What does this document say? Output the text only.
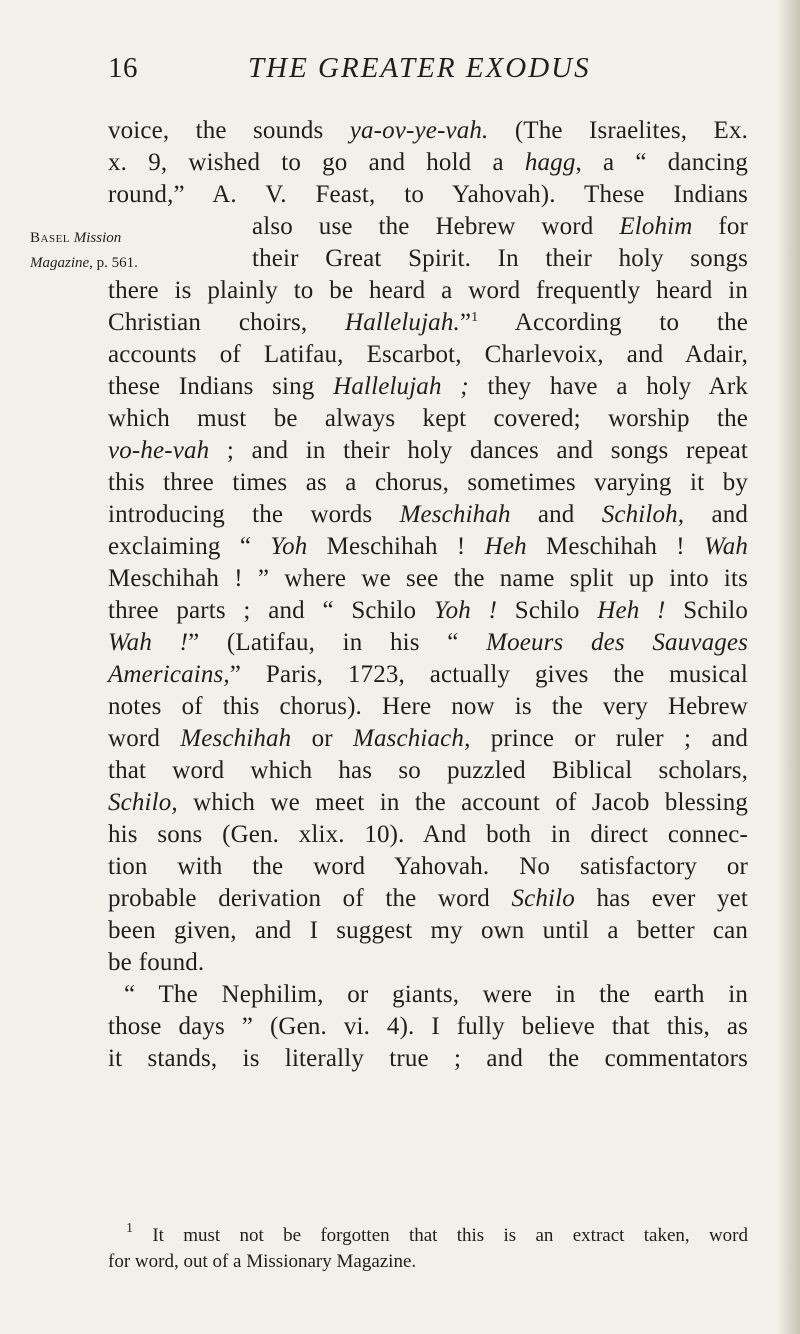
16	THE GREATER EXODUS
Basel Mission
Magazine, p. 561.
voice, the sounds ya-ov-ye-vah. (The Israelites, Ex.
x. 9, wished to go and hold a hagg, a “ dancing
round,” A. V. Feast, to Yahovah). These Indians
also use the Hebrew word Elohim for
their Great Spirit. In their holy songs
there is plainly to be heard a word frequently heard in
Christian choirs, Hallelujah.”$^1$ According to the
accounts of Latifau, Escarbot, Charlevoix, and Adair,
these Indians sing Hallelujah ; they have a holy Ark
which must be always kept covered; worship the
vo-he-vah ; and in their holy dances and songs repeat
this three times as a chorus, sometimes varying it by
introducing the words Meschihah and Schiloh, and
exclaiming “ Yoh Meschihah ! Heh Meschihah ! Wah
Meschihah ! ” where we see the name split up into its
three parts ; and “ Schilo Yoh ! Schilo Heh ! Schilo
Wah !” (Latifau, in his “ Moeurs des Sauvages
Americains,” Paris, 1723, actually gives the musical
notes of this chorus). Here now is the very Hebrew
word Meschihah or Maschiach, prince or ruler ; and
that word which has so puzzled Biblical scholars,
Schilo, which we meet in the account of Jacob blessing
his sons (Gen. xlix. 10). And both in direct connec-
tion with the word Yahovah. No satisfactory or
probable derivation of the word Schilo has ever yet
been given, and I suggest my own until a better can
be found.
“ The Nephilim, or giants, were in the earth in
those days ” (Gen. vi. 4). I fully believe that this, as
it stands, is literally true ; and the commentators
$^1$ It must not be forgotten that this is an extract taken, word
for word, out of a Missionary Magazine.
